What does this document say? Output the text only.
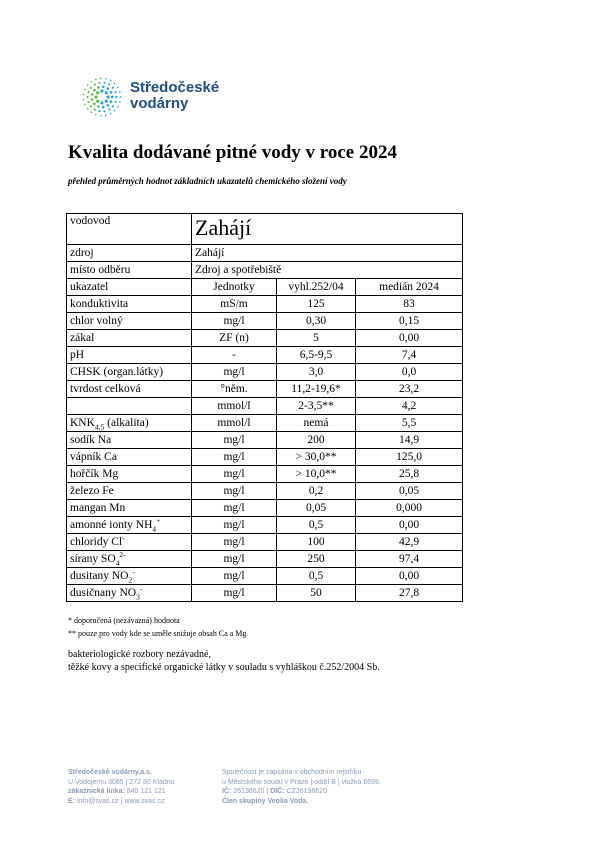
Středočeské
vodárny
Kvalita dodávané pitné vody v roce 2024
přehled průměrných hodnot základních ukazatelů chemického složení vody
vodovod	Zahájí		
zdroj	Zahájí		
místo odběru	Zdroj a spotřebiště		
ukazatel	Jednotky	vyhl.252/04	medián 2024
konduktivita	mS/m	125	83
chlor volný	mg/l	0,30	0,15
zákal	ZF (n)	5	0,00
pH	-	6,5-9,5	7,4
CHSK (organ.látky)	mg/l	3,0	0,0
tvrdost celková	°něm.	11,2-19,6*	23,2
	mmol/l	2-3,5**	4,2
$KNK_{4,5}$ (alkalita)	mmol/l	nemá	5,5
sodík Na	mg/l	200	14,9
vápník Ca	mg/l	> 30,0**	125,0
hořčík Mg	mg/l	> 10,0**	25,8
železo Fe	mg/l	0,2	0,05
mangan Mn	mg/l	0,05	0,000
amonné ionty $NH_4^+$	mg/l	0,5	0,00
chloridy Cl-	mg/l	100	42,9
sírany $SO_4^{2-}$	mg/l	250	97,4
dusitany $NO_2^-$	mg/l	0,5	0,00
dusičnany $NO_3^-$	mg/l	50	27,8
* doporučená (nezávazná) hodnota
** pouze pro vody kde se uměle snižuje obsah Ca a Mg
bakteriologické rozbory nezávadné,
těžké kovy a specifické organické látky v souladu s vyhláškou č.252/2004 Sb.
Středočeské vodárny,a.s.
U Vodojemu 3085 | 272 80 Kladno
zákaznická linka: 840 121 121
E: info@svas.cz | www.svas.cz
Společnost je zapsána v obchodním rejstříku
u Městského soudu v Praze | oddíl B | vložka 6699.
IČ: 26196620 | DIČ: CZ26196620
Člen skupiny Veolia Voda.
